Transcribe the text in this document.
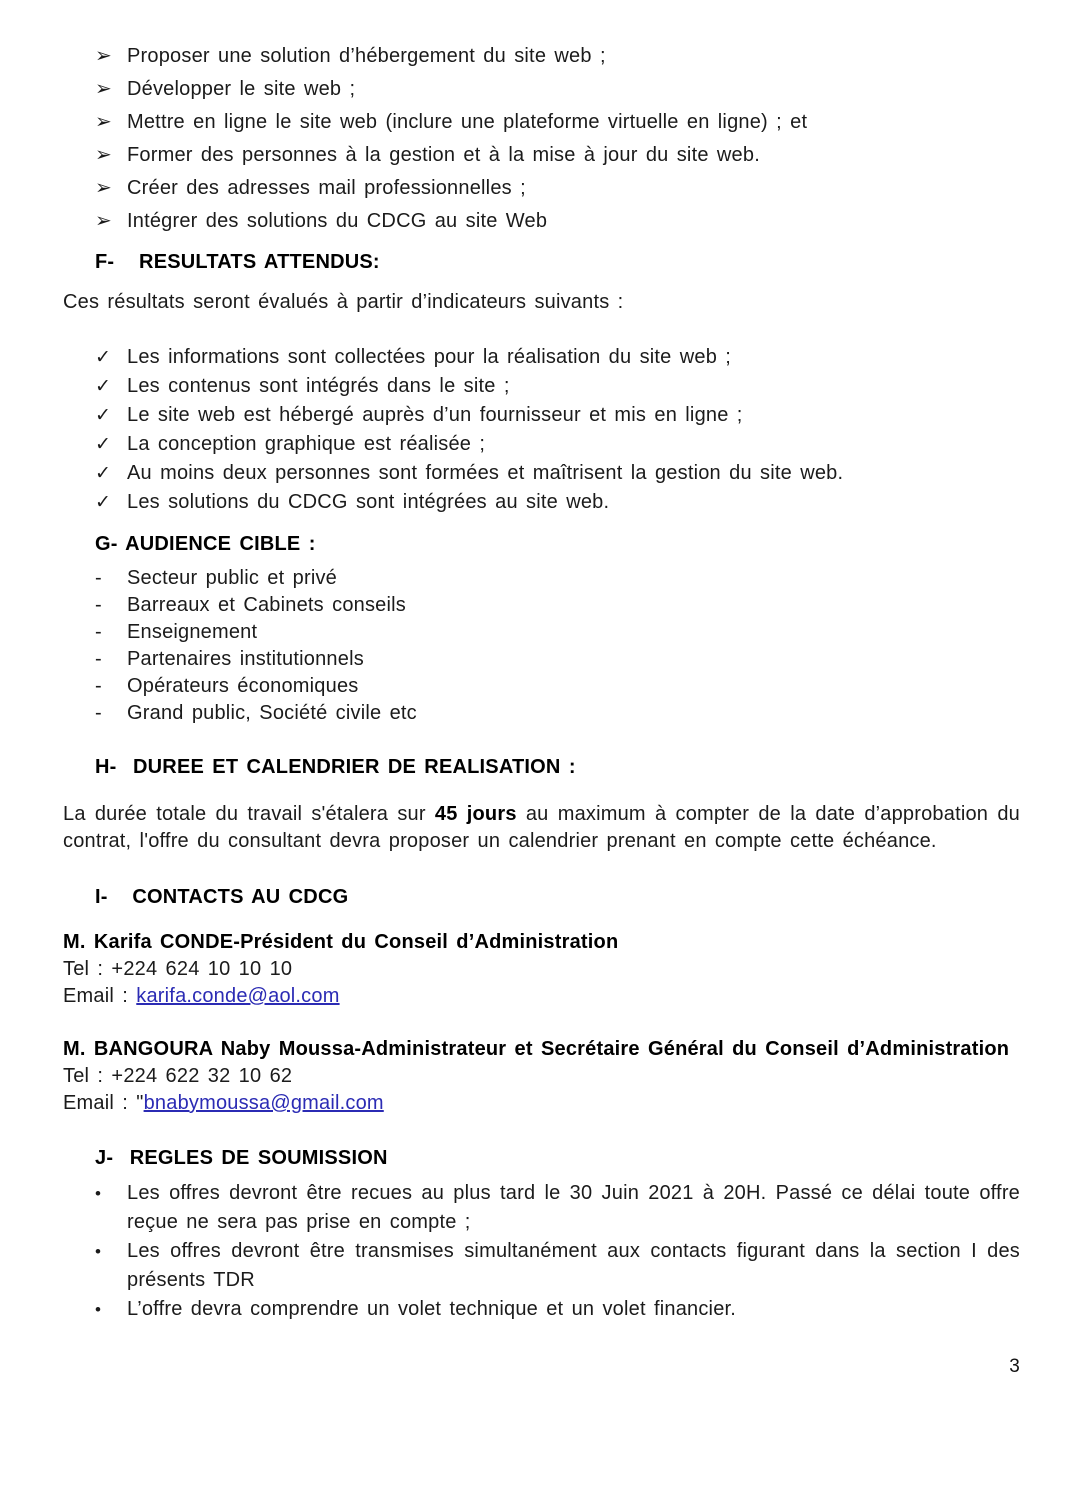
➢ Proposer une solution d’hébergement du site web ;
➢ Développer le site web ;
➢ Mettre en ligne le site web (inclure une plateforme virtuelle en ligne) ; et
➢ Former des personnes à la gestion et à la mise à jour du site web.
➢ Créer des adresses mail professionnelles ;
➢ Intégrer des solutions du CDCG au site Web
F-   RESULTATS ATTENDUS:
Ces résultats seront évalués à partir d’indicateurs suivants :
✓ Les informations sont collectées pour la réalisation du site web ;
✓ Les contenus sont intégrés dans le site ;
✓ Le site web est hébergé auprès d’un fournisseur et mis en ligne ;
✓ La conception graphique est réalisée ;
✓ Au moins deux personnes sont formées et maîtrisent la gestion du site web.
✓ Les solutions du CDCG sont intégrées au site web.
G- AUDIENCE CIBLE :
- Secteur public et privé
- Barreaux et Cabinets conseils
- Enseignement
- Partenaires institutionnels
- Opérateurs économiques
- Grand public, Société civile etc
H-  DUREE ET CALENDRIER DE REALISATION :
La durée totale du travail s'étalera sur 45 jours au maximum à compter de la date d’approbation du contrat, l'offre du consultant devra proposer un calendrier prenant en compte cette échéance.
I-   CONTACTS AU CDCG
M. Karifa CONDE-Président du Conseil d’Administration
Tel : +224 624 10 10 10
Email : karifa.conde@aol.com
M. BANGOURA Naby Moussa-Administrateur et Secrétaire Général du Conseil d’Administration
Tel : +224 622 32 10 62
Email : "bnabymoussa@gmail.com
J-  REGLES DE SOUMISSION
• Les offres devront être recues au plus tard le 30 Juin 2021 à 20H. Passé ce délai toute offre reçue ne sera pas prise en compte ;
• Les offres devront être transmises simultanément aux contacts figurant dans la section I des présents TDR
• L’offre devra comprendre un volet technique et un volet financier.
3
